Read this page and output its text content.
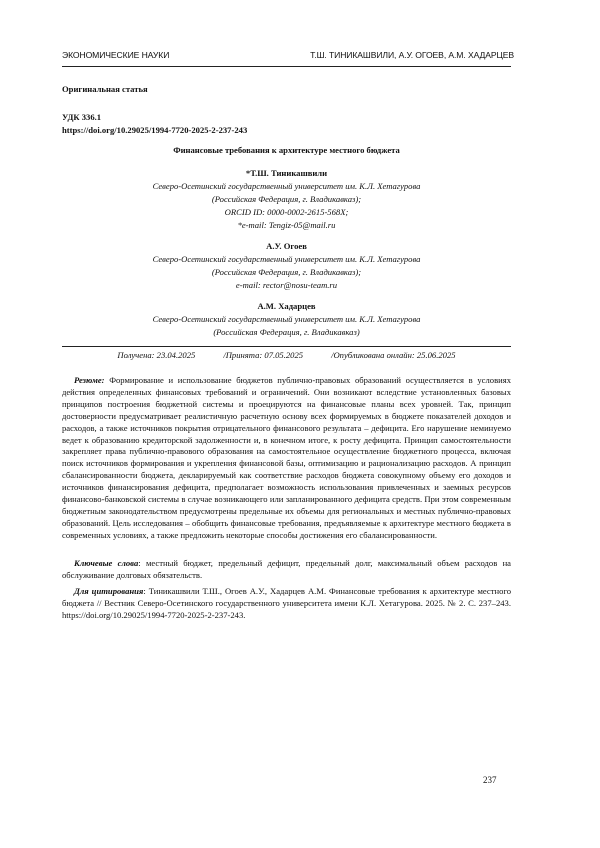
ЭКОНОМИЧЕСКИЕ НАУКИ	Т.Ш. ТИНИКАШВИЛИ, А.У. ОГОЕВ, А.М. ХАДАРЦЕВ
Оригинальная статья
УДК 336.1
https://doi.org/10.29025/1994-7720-2025-2-237-243
Финансовые требования к архитектуре местного бюджета
*Т.Ш. Тиникашвили
Северо-Осетинский государственный университет им. К.Л. Хетагурова
(Российская Федерация, г. Владикавказ);
ORCID ID: 0000-0002-2615-568X;
*e-mail: Tengiz-05@mail.ru
А.У. Огоев
Северо-Осетинский государственный университет им. К.Л. Хетагурова
(Российская Федерация, г. Владикавказ);
e-mail: rector@nosu-team.ru
А.М. Хадарцев
Северо-Осетинский государственный университет им. К.Л. Хетагурова
(Российская Федерация, г. Владикавказ)
Получена: 23.04.2025	/Принята: 07.05.2025	/Опубликована онлайн: 25.06.2025

Резюме: Формирование и использование бюджетов публично-правовых образований осуществляется в условиях действия определенных финансовых требований и ограничений. Они возникают вследствие установленных базовых принципов построения бюджетной системы и проецируются на финансовые планы всех уровней. Так, принцип достоверности предусматривает реалистичную расчетную основу всех формируемых в бюджете показателей доходов и расходов, а также источников покрытия отрицательного финансового результата – дефицита. Его нарушение неминуемо ведет к образованию кредиторской задолженности и, в конечном итоге, к росту дефицита. Принцип самостоятельности закрепляет права публично-правового образования на самостоятельное осуществление бюджетного процесса, включая поиск источников формирования и укрепления финансовой базы, оптимизацию и рационализацию расходов. А принцип сбалансированности бюджета, декларируемый как соответствие расходов бюджета совокупному объему его доходов и источников финансирования дефицита, предполагает возможность использования привлеченных и заемных ресурсов финансово-банковской системы в случае возникающего или запланированного дефицита средств. При этом современным бюджетным законодательством предусмотрены предельные их объемы для региональных и местных публично-правовых образований. Цель исследования – обобщить финансовые требования, предъявляемые к архитектуре местного бюджета в современных условиях, а также предложить некоторые способы достижения его сбалансированности.

Ключевые слова: местный бюджет, предельный дефицит, предельный долг, максимальный объем расходов на обслуживание долговых обязательств.

Для цитирования: Тиникашвили Т.Ш., Огоев А.У., Хадарцев А.М. Финансовые требования к архитектуре местного бюджета // Вестник Северо-Осетинского государственного университета имени К.Л. Хетагурова. 2025. № 2. С. 237–243. https://doi.org/10.29025/1994-7720-2025-2-237-243.

237
